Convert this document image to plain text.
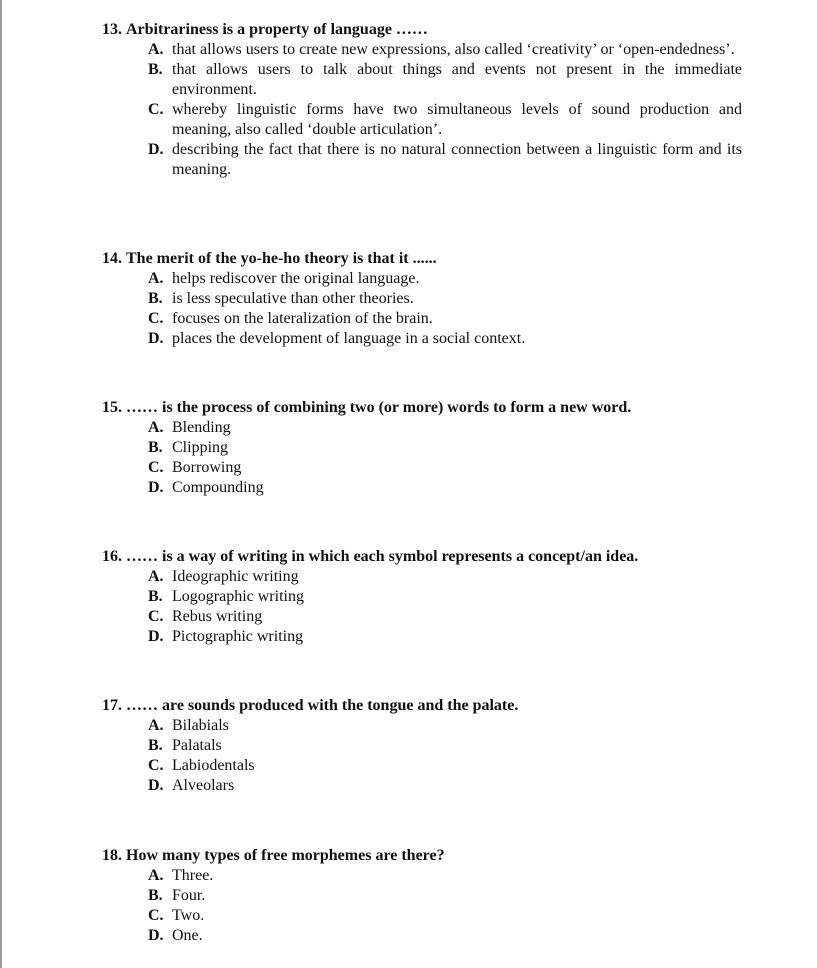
13. Arbitrariness is a property of language ……
A. that allows users to create new expressions, also called ‘creativity’ or ‘open-endedness’.
B. that allows users to talk about things and events not present in the immediate environment.
C. whereby linguistic forms have two simultaneous levels of sound production and meaning, also called ‘double articulation’.
D. describing the fact that there is no natural connection between a linguistic form and its meaning.
14. The merit of the yo-he-ho theory is that it ......
A. helps rediscover the original language.
B. is less speculative than other theories.
C. focuses on the lateralization of the brain.
D. places the development of language in a social context.
15. …… is the process of combining two (or more) words to form a new word.
A. Blending
B. Clipping
C. Borrowing
D. Compounding
16. …… is a way of writing in which each symbol represents a concept/an idea.
A. Ideographic writing
B. Logographic writing
C. Rebus writing
D. Pictographic writing
17. …… are sounds produced with the tongue and the palate.
A. Bilabials
B. Palatals
C. Labiodentals
D. Alveolars
18. How many types of free morphemes are there?
A. Three.
B. Four.
C. Two.
D. One.
